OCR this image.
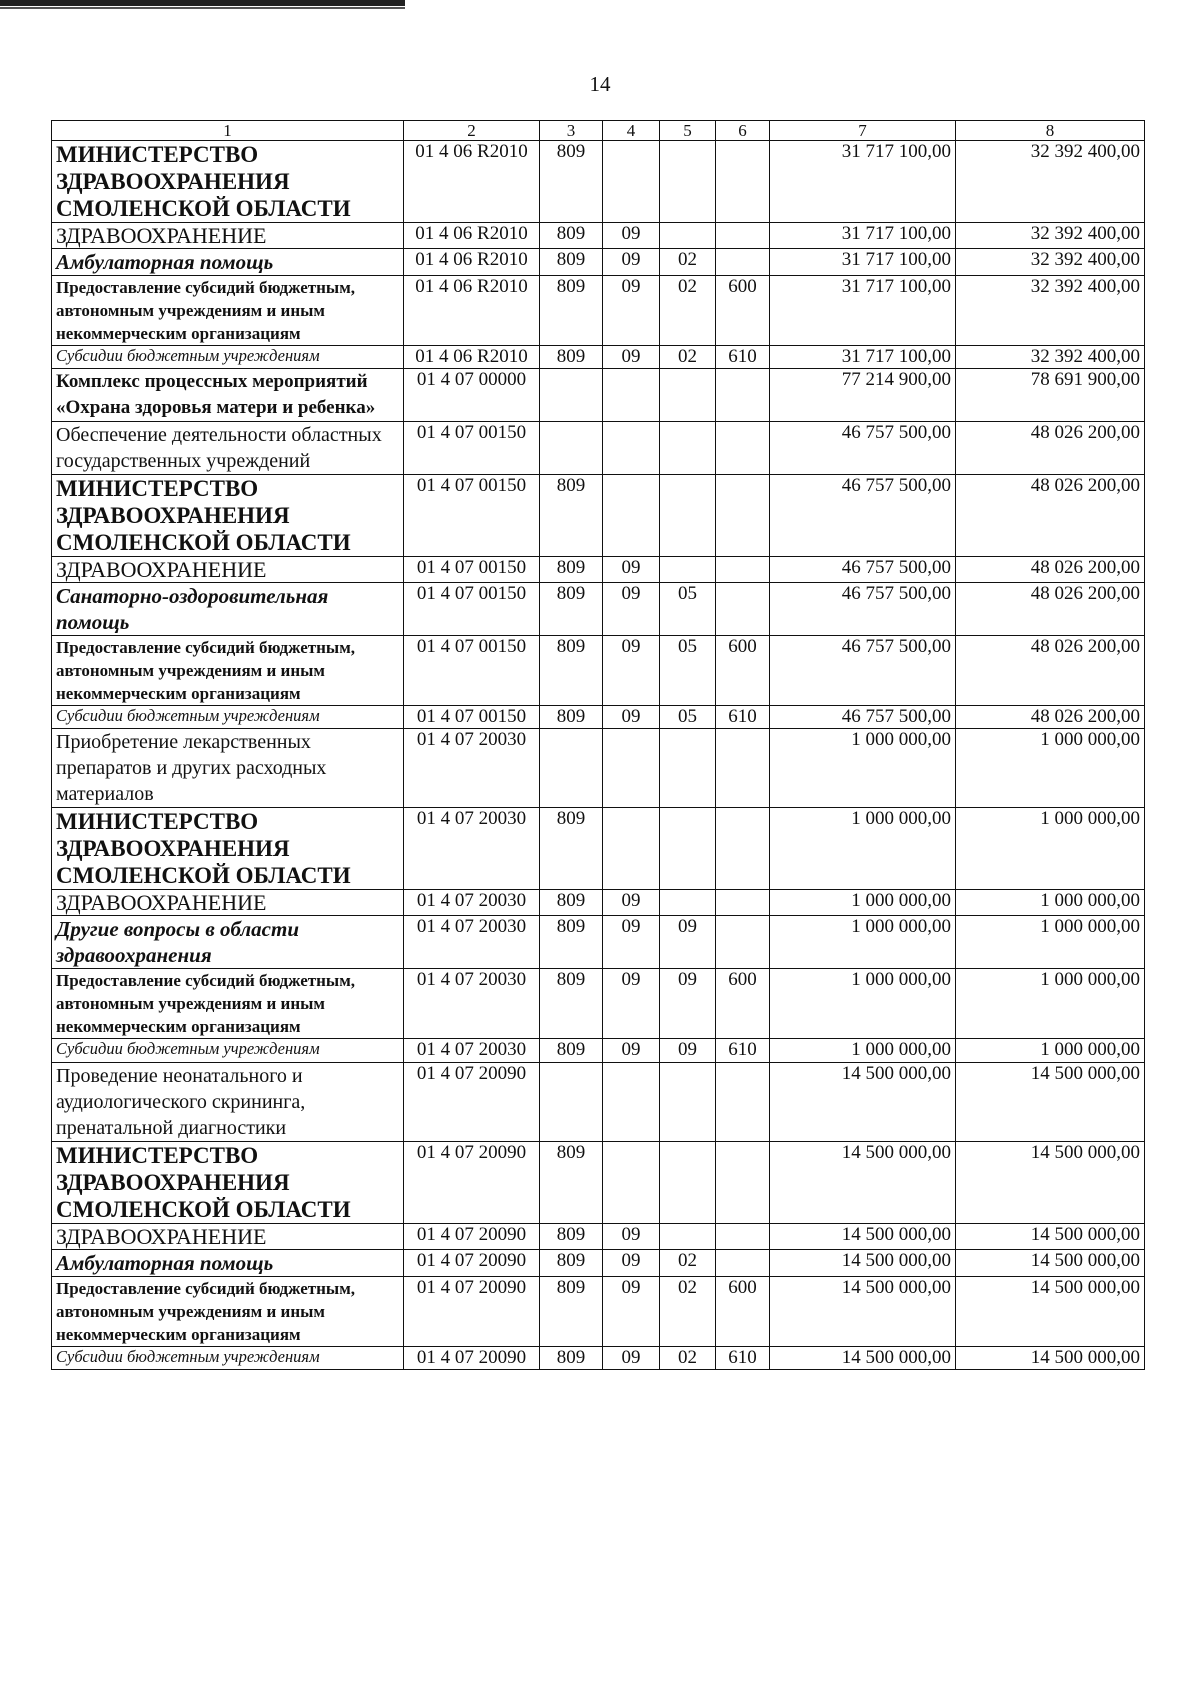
14
1	2	3	4	5	6	7	8
МИНИСТЕРСТВО ЗДРАВООХРАНЕНИЯ СМОЛЕНСКОЙ ОБЛАСТИ	01 4 06 R2010	809				31 717 100,00	32 392 400,00
ЗДРАВООХРАНЕНИЕ	01 4 06 R2010	809	09			31 717 100,00	32 392 400,00
Амбулаторная помощь	01 4 06 R2010	809	09	02		31 717 100,00	32 392 400,00
Предоставление субсидий бюджетным, автономным учреждениям и иным некоммерческим организациям	01 4 06 R2010	809	09	02	600	31 717 100,00	32 392 400,00
Субсидии бюджетным учреждениям	01 4 06 R2010	809	09	02	610	31 717 100,00	32 392 400,00
Комплекс процессных мероприятий «Охрана здоровья матери и ребенка»	01 4 07 00000					77 214 900,00	78 691 900,00
Обеспечение деятельности областных государственных учреждений	01 4 07 00150					46 757 500,00	48 026 200,00
МИНИСТЕРСТВО ЗДРАВООХРАНЕНИЯ СМОЛЕНСКОЙ ОБЛАСТИ	01 4 07 00150	809				46 757 500,00	48 026 200,00
ЗДРАВООХРАНЕНИЕ	01 4 07 00150	809	09			46 757 500,00	48 026 200,00
Санаторно-оздоровительная помощь	01 4 07 00150	809	09	05		46 757 500,00	48 026 200,00
Предоставление субсидий бюджетным, автономным учреждениям и иным некоммерческим организациям	01 4 07 00150	809	09	05	600	46 757 500,00	48 026 200,00
Субсидии бюджетным учреждениям	01 4 07 00150	809	09	05	610	46 757 500,00	48 026 200,00
Приобретение лекарственных препаратов и других расходных материалов	01 4 07 20030					1 000 000,00	1 000 000,00
МИНИСТЕРСТВО ЗДРАВООХРАНЕНИЯ СМОЛЕНСКОЙ ОБЛАСТИ	01 4 07 20030	809				1 000 000,00	1 000 000,00
ЗДРАВООХРАНЕНИЕ	01 4 07 20030	809	09			1 000 000,00	1 000 000,00
Другие вопросы в области здравоохранения	01 4 07 20030	809	09	09		1 000 000,00	1 000 000,00
Предоставление субсидий бюджетным, автономным учреждениям и иным некоммерческим организациям	01 4 07 20030	809	09	09	600	1 000 000,00	1 000 000,00
Субсидии бюджетным учреждениям	01 4 07 20030	809	09	09	610	1 000 000,00	1 000 000,00
Проведение неонатального и аудиологического скрининга, пренатальной диагностики	01 4 07 20090					14 500 000,00	14 500 000,00
МИНИСТЕРСТВО ЗДРАВООХРАНЕНИЯ СМОЛЕНСКОЙ ОБЛАСТИ	01 4 07 20090	809				14 500 000,00	14 500 000,00
ЗДРАВООХРАНЕНИЕ	01 4 07 20090	809	09			14 500 000,00	14 500 000,00
Амбулаторная помощь	01 4 07 20090	809	09	02		14 500 000,00	14 500 000,00
Предоставление субсидий бюджетным, автономным учреждениям и иным некоммерческим организациям	01 4 07 20090	809	09	02	600	14 500 000,00	14 500 000,00
Субсидии бюджетным учреждениям	01 4 07 20090	809	09	02	610	14 500 000,00	14 500 000,00
